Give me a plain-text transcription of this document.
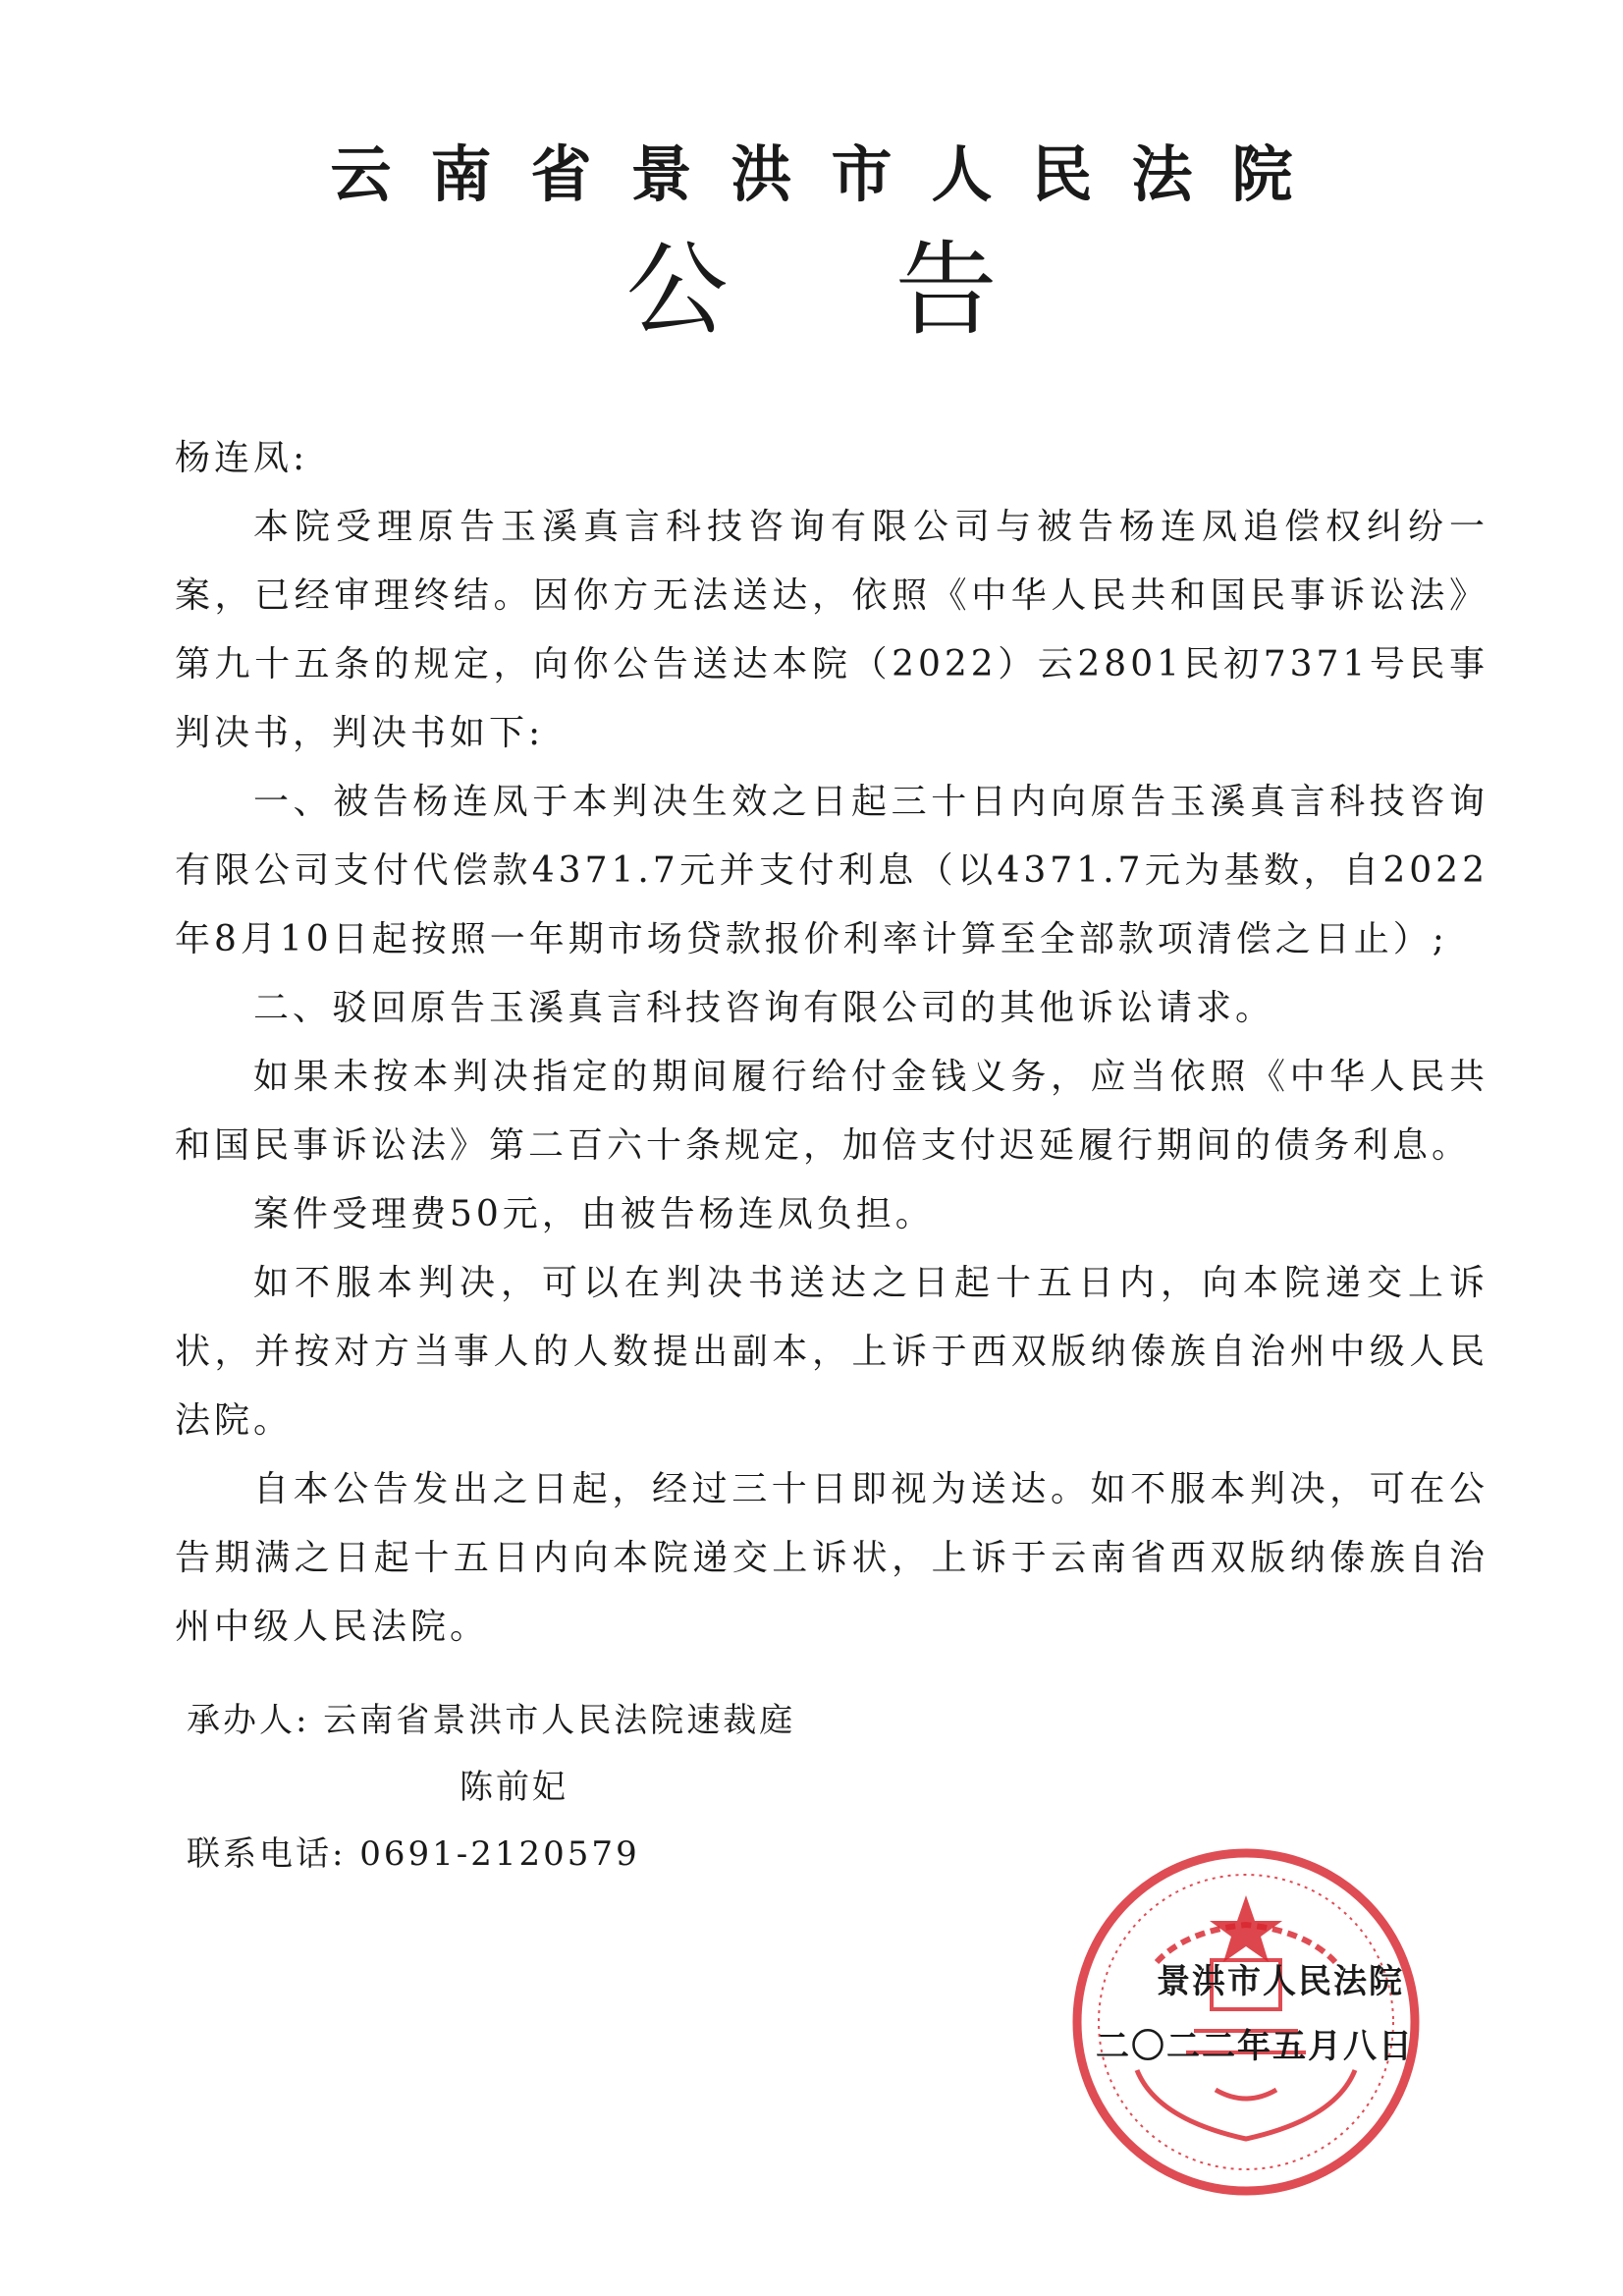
云南省景洪市人民法院
公告

杨连凤:

本院受理原告玉溪真言科技咨询有限公司与被告杨连凤追偿权纠纷一案，已经审理终结。因你方无法送达，依照《中华人民共和国民事诉讼法》第九十五条的规定，向你公告送达本院（2022）云2801民初7371号民事判决书，判决书如下:

一、被告杨连凤于本判决生效之日起三十日内向原告玉溪真言科技咨询有限公司支付代偿款4371.7元并支付利息（以4371.7元为基数，自2022年8月10日起按照一年期市场贷款报价利率计算至全部款项清偿之日止）;

二、驳回原告玉溪真言科技咨询有限公司的其他诉讼请求。

如果未按本判决指定的期间履行给付金钱义务，应当依照《中华人民共和国民事诉讼法》第二百六十条规定，加倍支付迟延履行期间的债务利息。

案件受理费50元，由被告杨连凤负担。

如不服本判决，可以在判决书送达之日起十五日内，向本院递交上诉状，并按对方当事人的人数提出副本，上诉于西双版纳傣族自治州中级人民法院。

自本公告发出之日起，经过三十日即视为送达。如不服本判决，可在公告期满之日起十五日内向本院递交上诉状，上诉于云南省西双版纳傣族自治州中级人民法院。

承办人: 云南省景洪市人民法院速裁庭
陈前妃
联系电话: 0691-2120579
景洪市人民法院
二〇二二年五月八日
